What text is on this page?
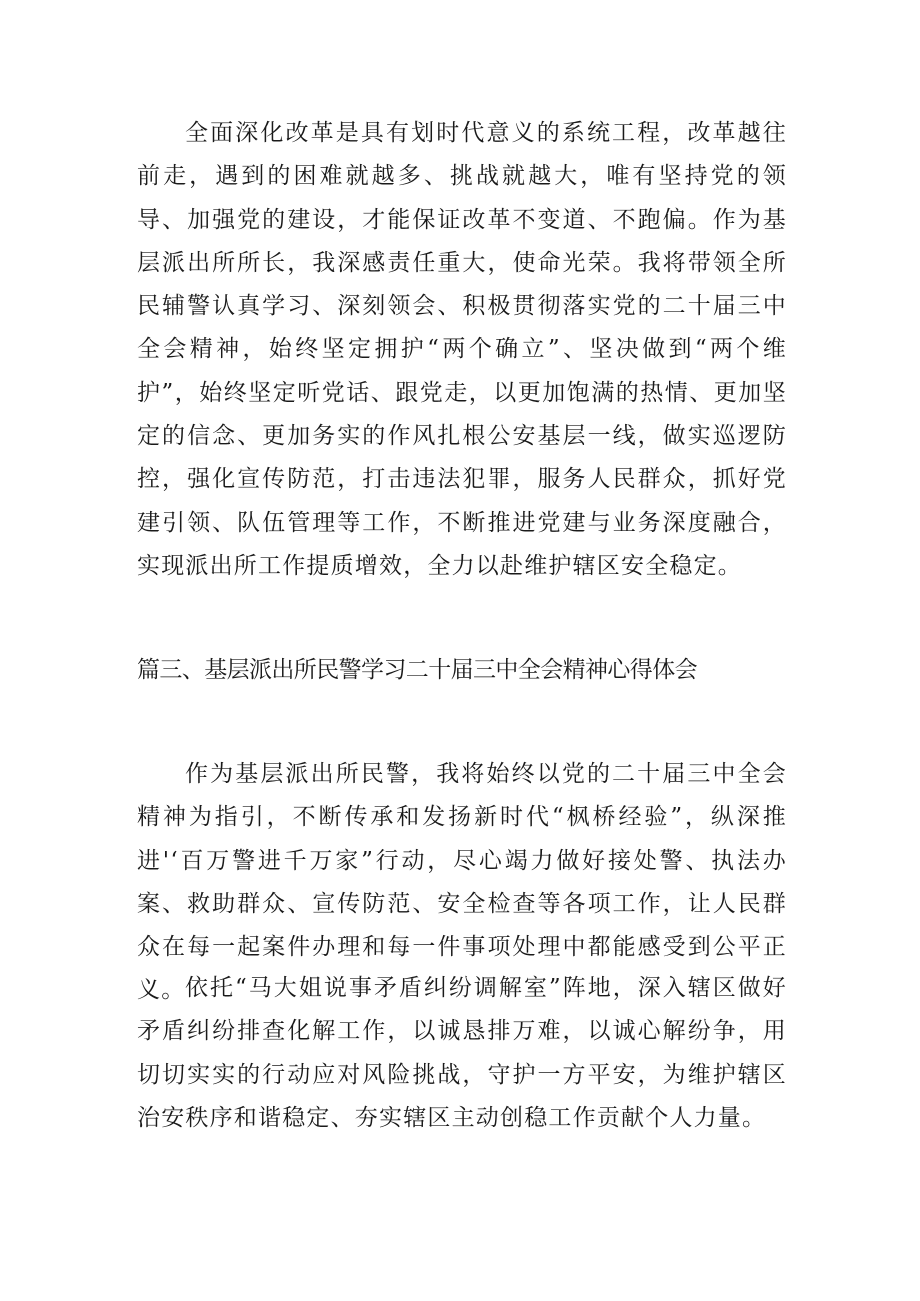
全面深化改革是具有划时代意义的系统工程，改革越往前走，遇到的困难就越多、挑战就越大，唯有坚持党的领导、加强党的建设，才能保证改革不变道、不跑偏。作为基层派出所所长，我深感责任重大，使命光荣。我将带领全所民辅警认真学习、深刻领会、积极贯彻落实党的二十届三中全会精神，始终坚定拥护“两个确立”、坚决做到“两个维护”，始终坚定听党话、跟党走，以更加饱满的热情、更加坚定的信念、更加务实的作风扎根公安基层一线，做实巡逻防控，强化宣传防范，打击违法犯罪，服务人民群众，抓好党建引领、队伍管理等工作，不断推进党建与业务深度融合，实现派出所工作提质增效，全力以赴维护辖区安全稳定。

篇三、基层派出所民警学习二十届三中全会精神心得体会

作为基层派出所民警，我将始终以党的二十届三中全会精神为指引，不断传承和发扬新时代“枫桥经验”，纵深推进'‘百万警进千万家”行动，尽心竭力做好接处警、执法办案、救助群众、宣传防范、安全检查等各项工作，让人民群众在每一起案件办理和每一件事项处理中都能感受到公平正义。 依托“马大姐说事矛盾纠纷调解室”阵地，深入辖区做好矛盾纠纷排查化解工作，以诚恳排万难，以诚心解纷争，用切切实实的行动应对风险挑战，守护一方平安，为维护辖区治安秩序和谐稳定、夯实辖区主动创稳工作贡献个人力量。
